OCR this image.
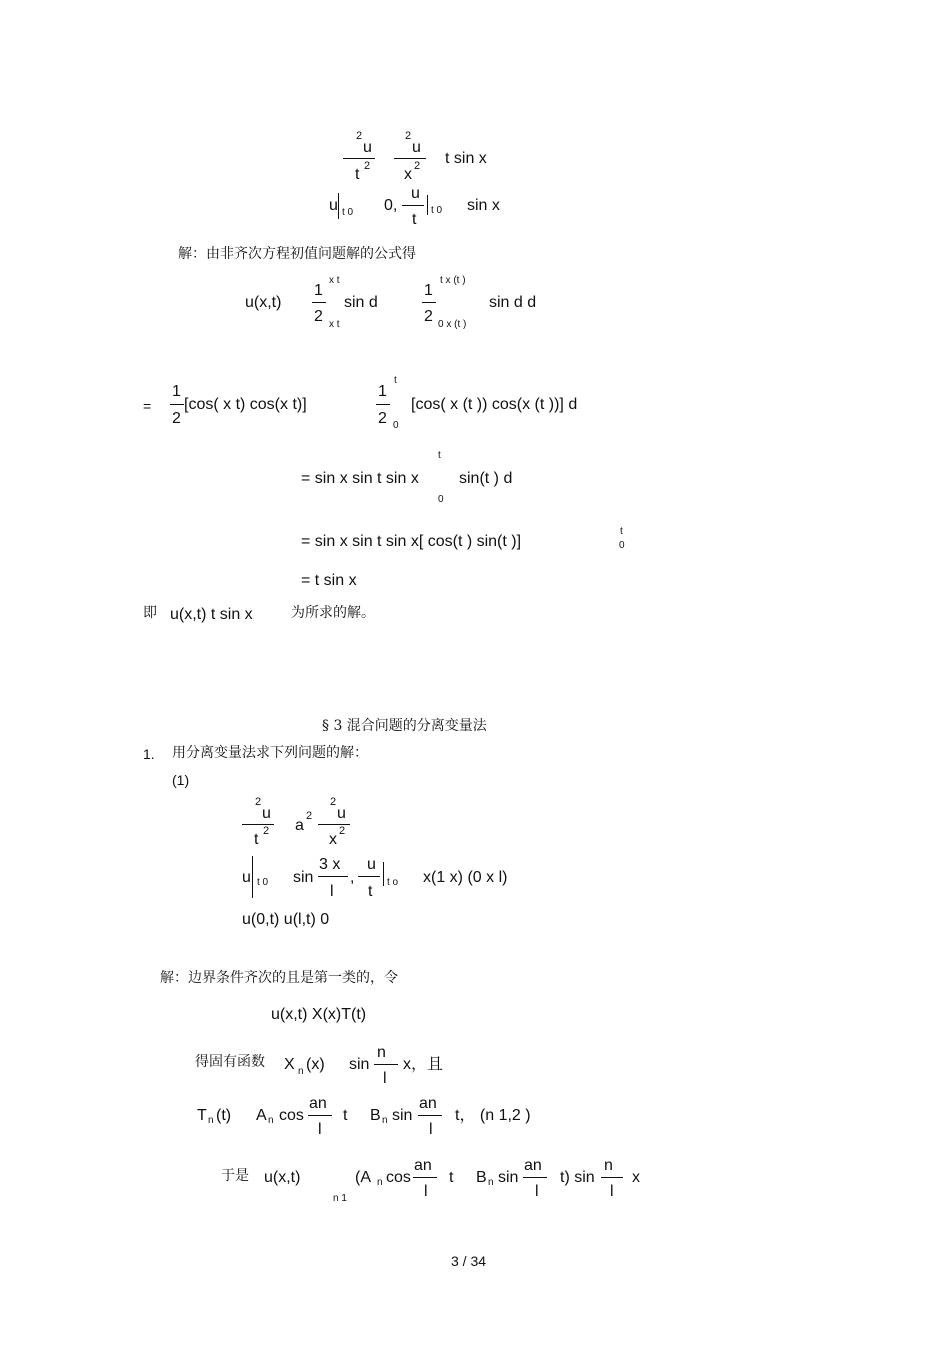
2
u
t 2
2
u
x 2 t sin x
u t 0 0,
u
t
t 0 sin x
解：由非齐次方程初值问题解的公式得
u(x,t)
1
2
x t
x t
sin d
1
2
t x (t )
0 x (t )
sin d d
=
1
2
[cos( x t) cos(x t)]
1
2
t
0
[cos( x (t )) cos(x (t ))] d
= sin x sin t sin x
t
0
sin(t ) d
= sin x sin t sin x[ cos(t ) sin(t )]
t
0
= t sin x
即 u(x,t) t sin x	为所求的解。
§ 3 混合问题的分离变量法
1. 用分离变量法求下列问题的解：
(1)
2
u
t 2 a
2
2
u
x 2
u t 0 sin
3 x
l
,
u
t
t o x(1 x) (0 x l)
u(0,t) u(l,t) 0
解：边界条件齐次的且是第一类的，令
u(x,t) X(x)T(t)
得固有函数 X n (x) sin
n
l
x，且
T n (t) A n cos
an
l
t B n sin
an
l
t， (n 1,2 )
于是 u(x,t)
n 1
(A n cos
an
l
t B n sin
an
l
t) sin
n
l
x
3 / 34
